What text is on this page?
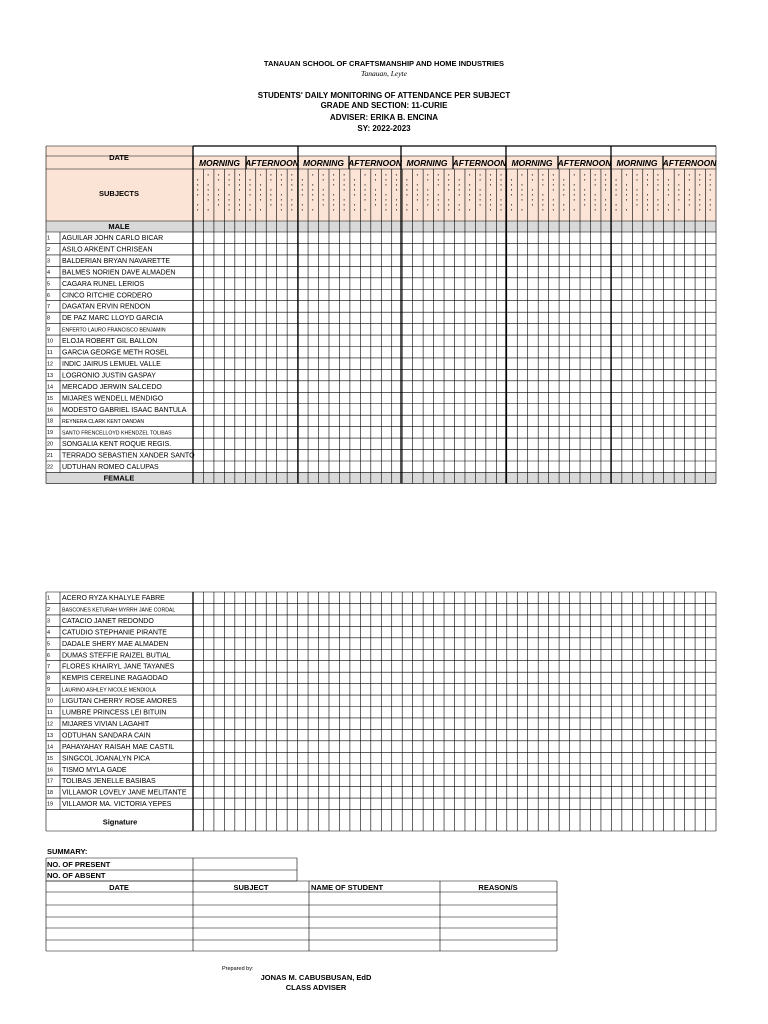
TANAUAN SCHOOL OF CRAFTSMANSHIP AND HOME INDUSTRIES
Tanauan, Leyte
STUDENTS' DAILY MONITORING OF ATTENDANCE PER SUBJECT
GRADE AND SECTION: 11-CURIE
ADVISER: ERIKA B. ENCINA
SY: 2022-2023
DATE
SUBJECTS
MALE
MORNING AFTERNOON MORNING AFTERNOON MORNING AFTERNOON MORNING AFTERNOON MORNING AFTERNOON
1 AGUILAR JOHN CARLO BICAR
2 ASILO ARKEINT CHRISEAN
3 BALDERIAN BRYAN NAVARETTE
4 BALMES NORIEN DAVE ALMADEN
5 CAGARA RUNEL LERIOS
6 CINCO RITCHIE CORDERO
7 DAGATAN ERVIN RENDON
8 DE PAZ MARC LLOYD GARCIA
9 ENFERTO LAURO FRANCISCO BENJAMIN
10 ELOJA ROBERT GIL BALLON
11 GARCIA GEORGE METH ROSEL
12 INDIC JAIRUS LEMUEL VALLE
13 LOGRONIO JUSTIN GASPAY
14 MERCADO JERWIN SALCEDO
15 MIJARES WENDELL MENDIGO
16 MODESTO GABRIEL ISAAC BANTULA
18 REYNERA CLARK KENT DANDAN
19 SANTO FRENCELLOYD KHENDZEL TOLIBAS
20 SONGALIA KENT ROQUE REGIS.
21 TERRADO SEBASTIEN XANDER SANTO
22 UDTUHAN ROMEO CALUPAS
FEMALE
1 ACERO RYZA KHALYLE FABRE
2 BASCONES KETURAH MYRRH JANE CORDAL
3 CATACIO JANET REDONDO
4 CATUDIO STEPHANIE PIRANTE
5 DADALE SHERY MAE ALMADEN
6 DUMAS STEFFIE RAIZEL BUTIAL
7 FLORES KHAIRYL JANE TAYANES
8 KEMPIS CERELINE RAGAODAO
9 LAURINO ASHLEY NICOLE MENDIOLA
10 LIGUTAN CHERRY ROSE AMORES
11 LUMBRE PRINCESS LEI BITUIN
12 MIJARES VIVIAN LAGAHIT
13 ODTUHAN SANDARA CAIN
14 PAHAYAHAY RAISAH MAE CASTIL
15 SINGCOL JOANALYN PICA
16 TISMO MYLA GADE
17 TOLIBAS JENELLE BASIBAS
18 VILLAMOR LOVELY JANE MELITANTE
19 VILLAMOR MA. VICTORIA YEPES
Signature
SUMMARY:
NO. OF PRESENT
NO. OF ABSENT
DATE	SUBJECT	NAME OF STUDENT	REASON/S
Prepared by:
JONAS M. CABUSBUSAN, EdD
CLASS ADVISER
